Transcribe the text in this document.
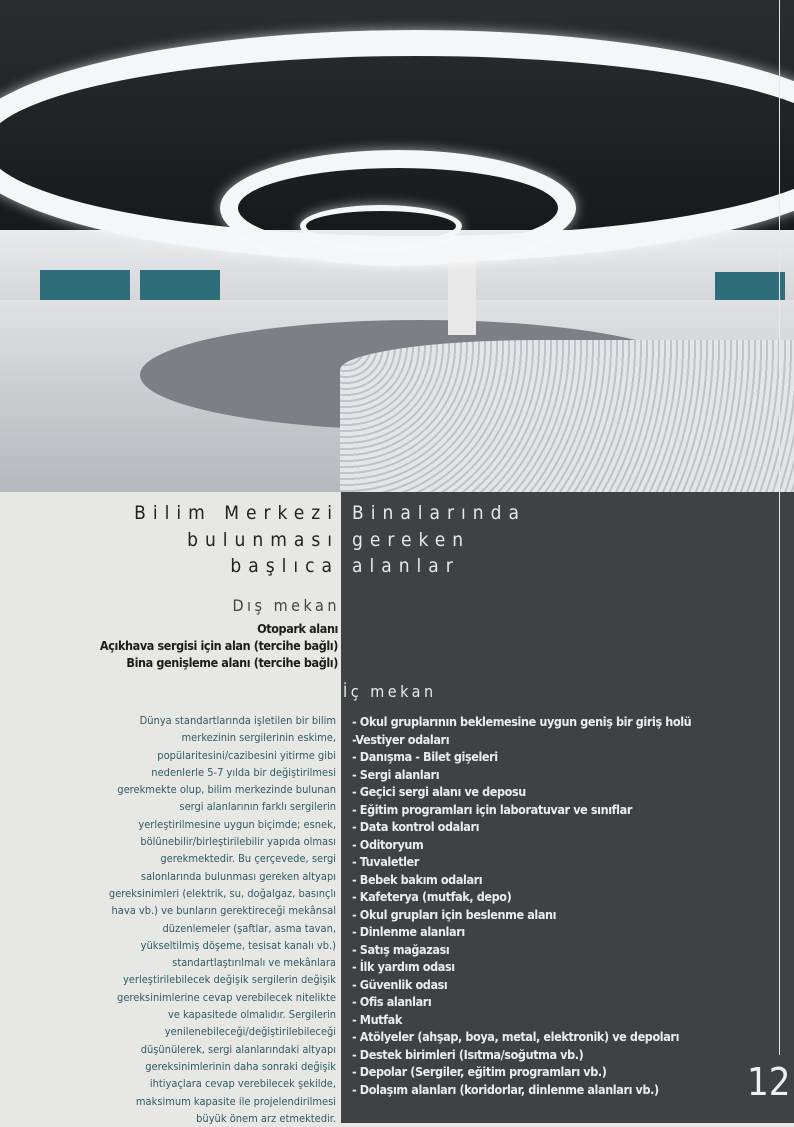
Bilim Merkezi
bulunması
başlıca
Binalarında
gereken
alanlar
Dış mekan
Otopark alanı
Açıkhava sergisi için alan (tercihe bağlı)
Bina genişleme alanı (tercihe bağlı)
İç mekan
- Okul gruplarının beklemesine uygun geniş bir giriş holü
-Vestiyer odaları
- Danışma - Bilet gişeleri
- Sergi alanları
- Geçici sergi alanı ve deposu
- Eğitim programları için laboratuvar ve sınıflar
- Data kontrol odaları
- Oditoryum
- Tuvaletler
- Bebek bakım odaları
- Kafeterya (mutfak, depo)
- Okul grupları için beslenme alanı
- Dinlenme alanları
- Satış mağazası
- İlk yardım odası
- Güvenlik odası
- Ofis alanları
- Mutfak
- Atölyeler (ahşap, boya, metal, elektronik) ve depoları
- Destek birimleri (Isıtma/soğutma vb.)
- Depolar (Sergiler, eğitim programları vb.)
- Dolaşım alanları (koridorlar, dinlenme alanları vb.)
Dünya standartlarında işletilen bir bilim
merkezinin sergilerinin eskime,
popülaritesini/cazibesini yitirme gibi
nedenlerle 5-7 yılda bir değiştirilmesi
gerekmekte olup, bilim merkezinde bulunan
sergi alanlarının farklı sergilerin
yerleştirilmesine uygun biçimde; esnek,
bölünebilir/birleştirilebilir yapıda olması
gerekmektedir. Bu çerçevede, sergi
salonlarında bulunması gereken altyapı
gereksinimleri (elektrik, su, doğalgaz, basınçlı
hava vb.) ve bunların gerektireceği mekânsal
düzenlemeler (şaftlar, asma tavan,
yükseltilmiş döşeme, tesisat kanalı vb.)
standartlaştırılmalı ve mekânlara
yerleştirilebilecek değişik sergilerin değişik
gereksinimlerine cevap verebilecek nitelikte
ve kapasitede olmalıdır. Sergilerin
yenilenebileceği/değiştirilebileceği
düşünülerek, sergi alanlarındaki altyapı
gereksinimlerinin daha sonraki değişik
ihtiyaçlara cevap verebilecek şekilde,
maksimum kapasite ile projelendirilmesi
büyük önem arz etmektedir.
12
